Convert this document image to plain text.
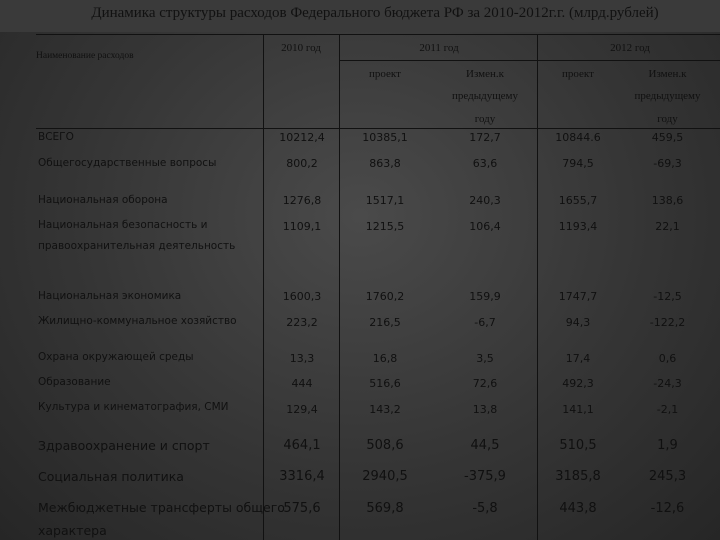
Динамика структуры расходов Федерального бюджета РФ за 2010-2012г.г. (млрд.рублей)
Наименование расходов
2010 год	2011 год	2012 год
проект	Измен.к
предыдущему
году
проект	Измен.к
предыдущему
году
ВСЕГО	10212,4	10385,1	172,7	10844.6	459,5
Общегосударственные вопросы	800,2	863,8	63,6	794,5	-69,3
Национальная оборона	1276,8	1517,1	240,3	1655,7	138,6
Национальная безопасность и
правоохранительная деятельность
1109,1	1215,5	106,4	1193,4	22,1
Национальная экономика	1600,3	1760,2	159,9	1747,7	-12,5
Жилищно-коммунальное хозяйство	223,2	216,5	-6,7	94,3	-122,2
Охрана окружающей среды	13,3	16,8	3,5	17,4	0,6
Образование	444	516,6	72,6	492,3	-24,3
Культура и кинематография, СМИ	129,4	143,2	13,8	141,1	-2,1
Здравоохранение и спорт	464,1	508,6	44,5	510,5	1,9
Социальная политика	3316,4	2940,5	-375,9	3185,8	245,3
Межбюджетные трансферты общего
характера
575,6	569,8	-5,8	443,8	-12,6
